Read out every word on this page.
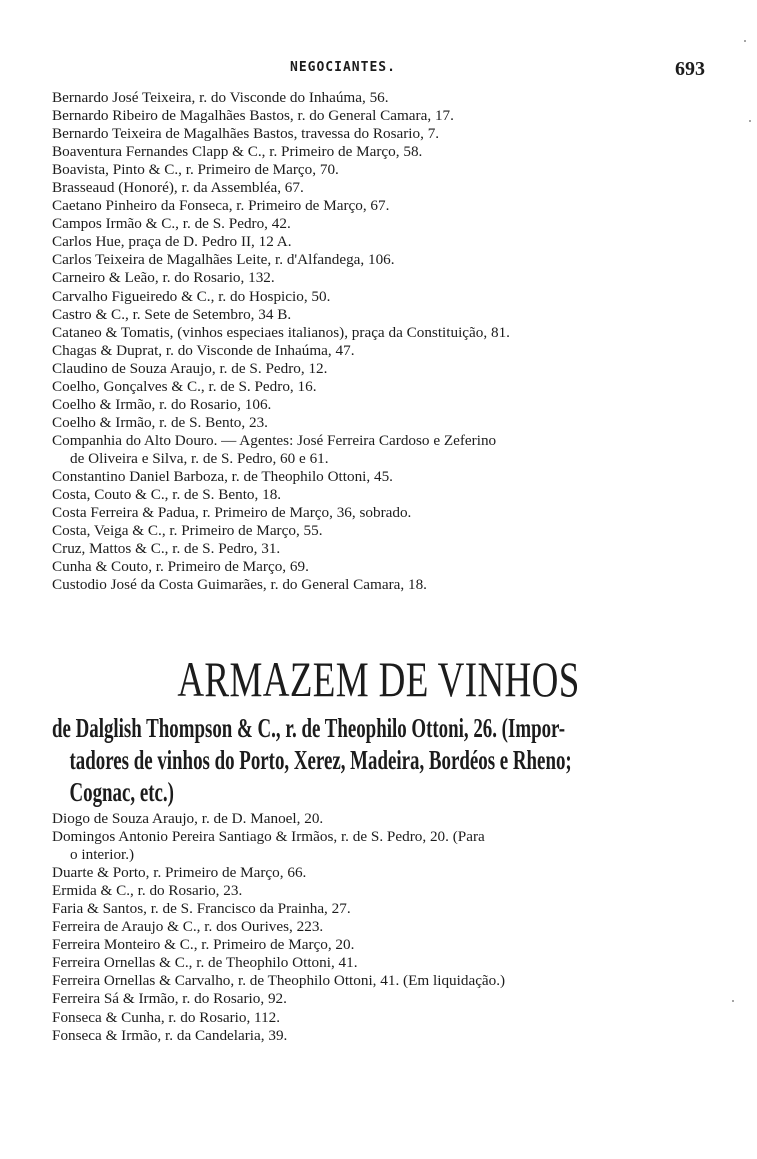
NEGOCIANTES.	693
Bernardo José Teixeira, r. do Visconde do Inhaúma, 56.
Bernardo Ribeiro de Magalhães Bastos, r. do General Camara, 17.
Bernardo Teixeira de Magalhães Bastos, travessa do Rosario, 7.
Boaventura Fernandes Clapp & C., r. Primeiro de Março, 58.
Boavista, Pinto & C., r. Primeiro de Março, 70.
Brasseaud (Honoré), r. da Assembléa, 67.
Caetano Pinheiro da Fonseca, r. Primeiro de Março, 67.
Campos Irmão & C., r. de S. Pedro, 42.
Carlos Hue, praça de D. Pedro II, 12 A.
Carlos Teixeira de Magalhães Leite, r. d'Alfandega, 106.
Carneiro & Leão, r. do Rosario, 132.
Carvalho Figueiredo & C., r. do Hospicio, 50.
Castro & C., r. Sete de Setembro, 34 B.
Cataneo & Tomatis, (vinhos especiaes italianos), praça da Constituição, 81.
Chagas & Duprat, r. do Visconde de Inhaúma, 47.
Claudino de Souza Araujo, r. de S. Pedro, 12.
Coelho, Gonçalves & C., r. de S. Pedro, 16.
Coelho & Irmão, r. do Rosario, 106.
Coelho & Irmão, r. de S. Bento, 23.
Companhia do Alto Douro. — Agentes: José Ferreira Cardoso e Zeferino
de Oliveira e Silva, r. de S. Pedro, 60 e 61.
Constantino Daniel Barboza, r. de Theophilo Ottoni, 45.
Costa, Couto & C., r. de S. Bento, 18.
Costa Ferreira & Padua, r. Primeiro de Março, 36, sobrado.
Costa, Veiga & C., r. Primeiro de Março, 55.
Cruz, Mattos & C., r. de S. Pedro, 31.
Cunha & Couto, r. Primeiro de Março, 69.
Custodio José da Costa Guimarães, r. do General Camara, 18.
ARMAZEM DE VINHOS
de Dalglish Thompson & C., r. de Theophilo Ottoni, 26. (Impor-
tadores de vinhos do Porto, Xerez, Madeira, Bordéos e Rheno;
Cognac, etc.)
Diogo de Souza Araujo, r. de D. Manoel, 20.
Domingos Antonio Pereira Santiago & Irmãos, r. de S. Pedro, 20. (Para
o interior.)
Duarte & Porto, r. Primeiro de Março, 66.
Ermida & C., r. do Rosario, 23.
Faria & Santos, r. de S. Francisco da Prainha, 27.
Ferreira de Araujo & C., r. dos Ourives, 223.
Ferreira Monteiro & C., r. Primeiro de Março, 20.
Ferreira Ornellas & C., r. de Theophilo Ottoni, 41.
Ferreira Ornellas & Carvalho, r. de Theophilo Ottoni, 41. (Em liquidação.)
Ferreira Sá & Irmão, r. do Rosario, 92.
Fonseca & Cunha, r. do Rosario, 112.
Fonseca & Irmão, r. da Candelaria, 39.
